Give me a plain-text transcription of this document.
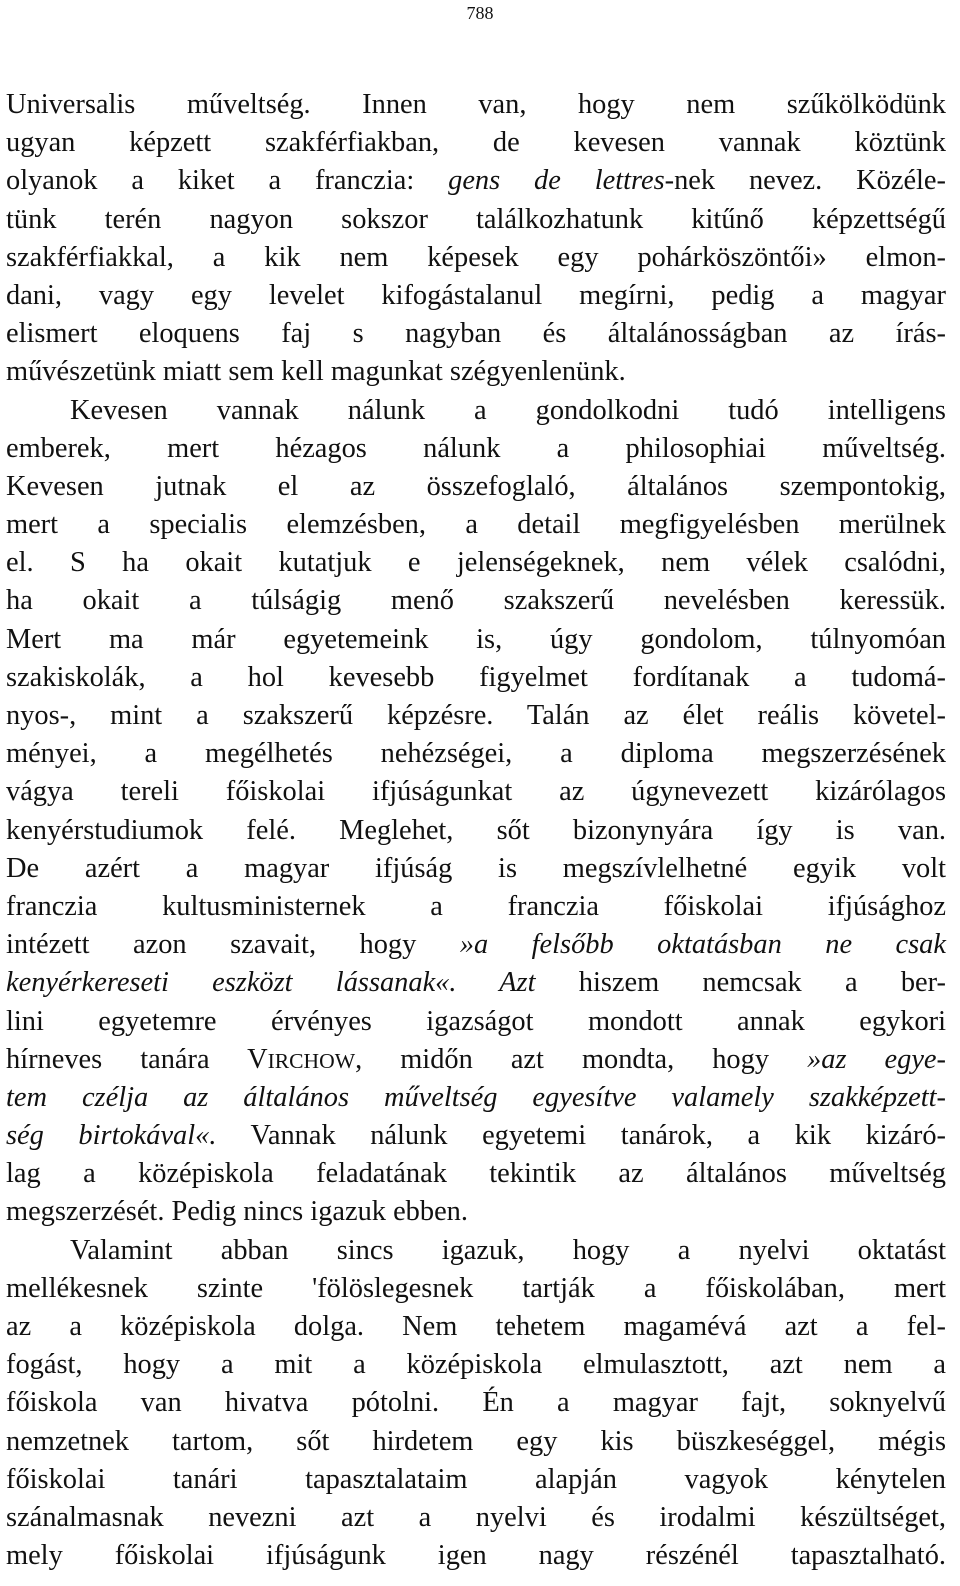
788
Universalis műveltség. Innen van, hogy nem szűkölködünk
ugyan képzett szakférfiakban, de kevesen vannak köztünk
olyanok a kiket a franczia: gens de lettres-nek nevez. Közéle-
tünk terén nagyon sokszor találkozhatunk kitűnő képzettségű
szakférfiakkal, a kik nem képesek egy pohárköszöntői» elmon-
dani, vagy egy levelet kifogástalanul megírni, pedig a magyar
elismert eloquens faj s nagyban és általánosságban az írás-
művészetünk miatt sem kell magunkat szégyenlenünk.
Kevesen vannak nálunk a gondolkodni tudó intelligens
emberek, mert hézagos nálunk a philosophiai műveltség.
Kevesen jutnak el az összefoglaló, általános szempontokig,
mert a specialis elemzésben, a detail megfigyelésben merülnek
el. S ha okait kutatjuk e jelenségeknek, nem vélek csalódni,
ha okait a túlságig menő szakszerű nevelésben keressük.
Mert ma már egyetemeink is, úgy gondolom, túlnyomóan
szakiskolák, a hol kevesebb figyelmet fordítanak a tudomá-
nyos-, mint a szakszerű képzésre. Talán az élet reális követel-
ményei, a megélhetés nehézségei, a diploma megszerzésének
vágya tereli főiskolai ifjúságunkat az úgynevezett kizárólagos
kenyérstudiumok felé. Meglehet, sőt bizonynyára így is van.
De azért a magyar ifjúság is megszívlelhetné egyik volt
franczia kultusministernek a franczia főiskolai ifjúsághoz
intézett azon szavait, hogy »a felsőbb oktatásban ne csak
kenyérkereseti eszközt lássanak«. Azt hiszem nemcsak a ber-
lini egyetemre érvényes igazságot mondott annak egykori
hírneves tanára VIRCHOW, midőn azt mondta, hogy »az egye-
tem czélja az általános műveltség egyesítve valamely szakképzett-
ség birtokával«. Vannak nálunk egyetemi tanárok, a kik kizáró-
lag a középiskola feladatának tekintik az általános műveltség
megszerzését. Pedig nincs igazuk ebben.
Valamint abban sincs igazuk, hogy a nyelvi oktatást
mellékesnek szinte 'fölöslegesnek tartják a főiskolában, mert
az a középiskola dolga. Nem tehetem magamévá azt a fel-
fogást, hogy a mit a középiskola elmulasztott, azt nem a
főiskola van hivatva pótolni. Én a magyar fajt, soknyelvű
nemzetnek tartom, sőt hirdetem egy kis büszkeséggel, mégis
főiskolai tanári tapasztalataim alapján vagyok kénytelen
szánalmasnak nevezni azt a nyelvi és irodalmi készültséget,
mely főiskolai ifjúságunk igen nagy részénél tapasztalható.
